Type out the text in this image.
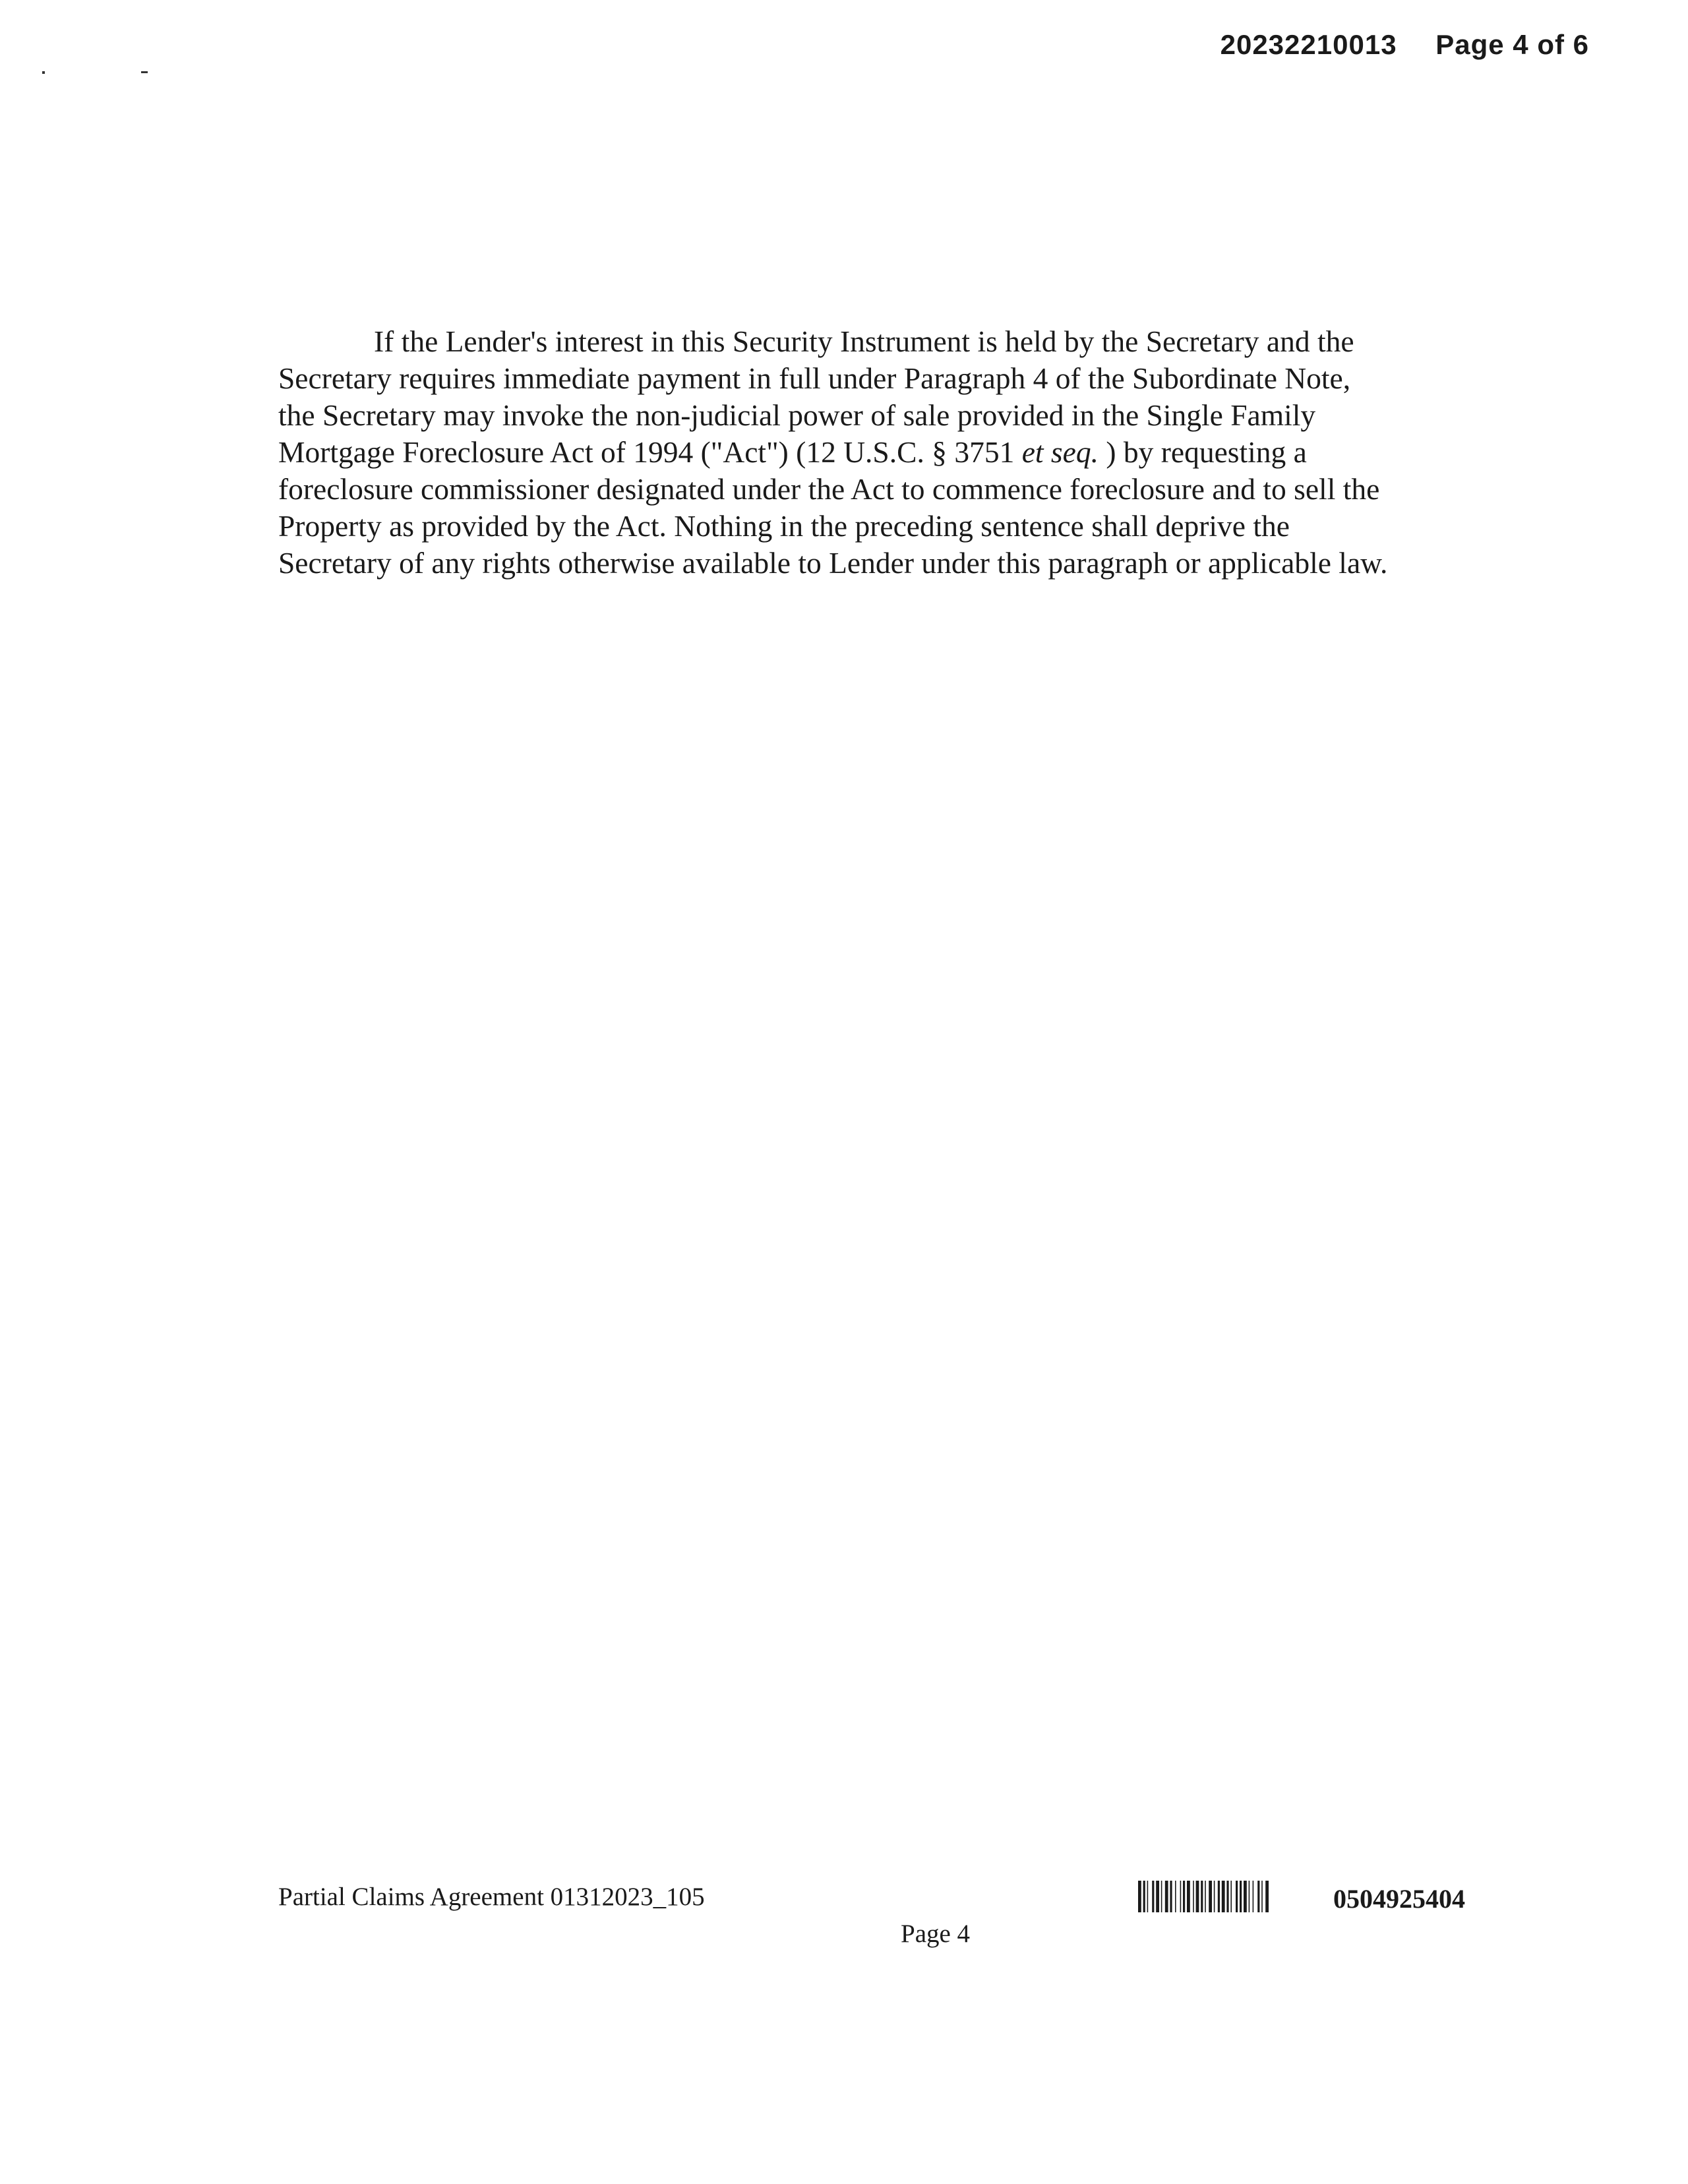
20232210013 Page 4 of 6
If the Lender's interest in this Security Instrument is held by the Secretary and the
Secretary requires immediate payment in full under Paragraph 4 of the Subordinate Note,
the Secretary may invoke the non-judicial power of sale provided in the Single Family
Mortgage Foreclosure Act of 1994 ("Act") (12 U.S.C. § 3751 et seq. ) by requesting a
foreclosure commissioner designated under the Act to commence foreclosure and to sell the
Property as provided by the Act. Nothing in the preceding sentence shall deprive the
Secretary of any rights otherwise available to Lender under this paragraph or applicable law.
Partial Claims Agreement 01312023_105	0504925404
Page 4
